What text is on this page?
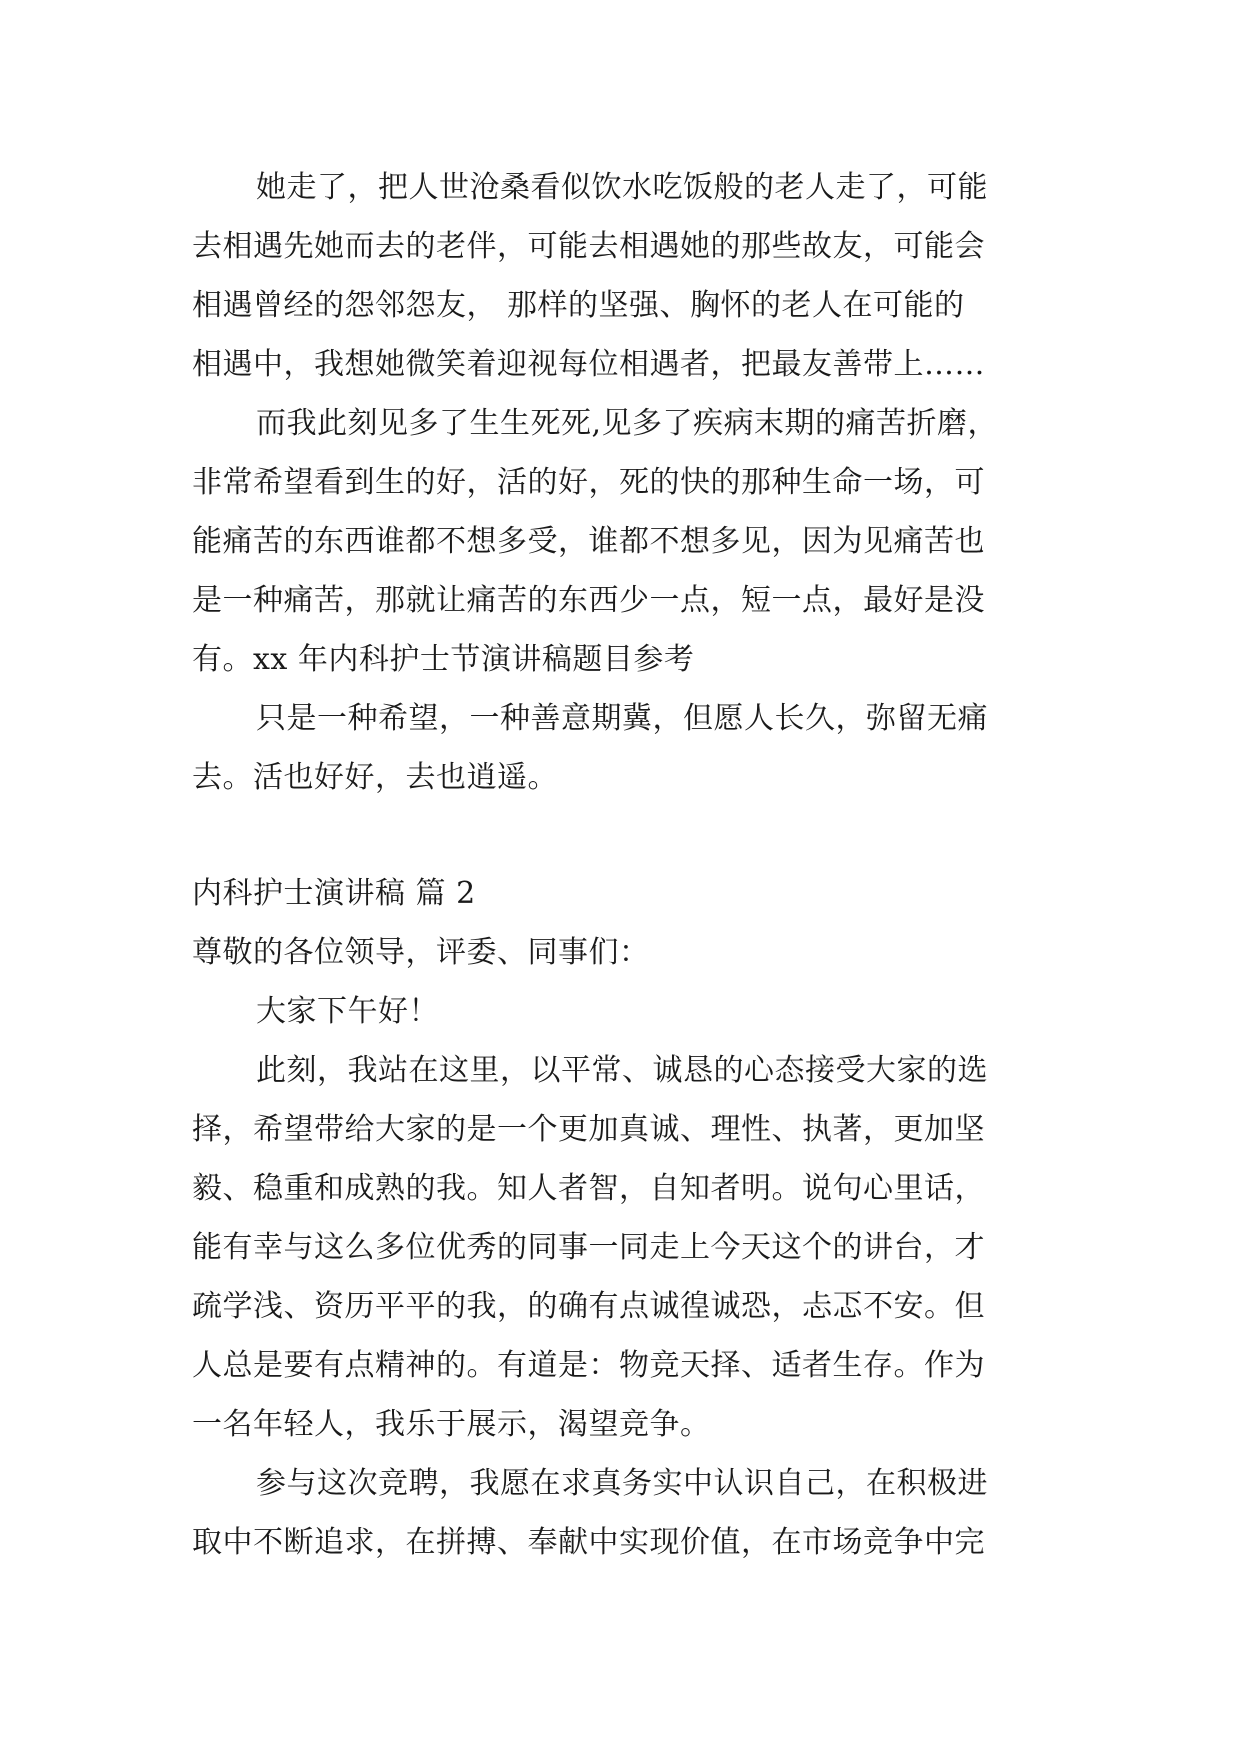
她走了，把人世沧桑看似饮水吃饭般的老人走了，可能
去相遇先她而去的老伴，可能去相遇她的那些故友，可能会
相遇曾经的怨邻怨友， 那样的坚强、胸怀的老人在可能的
相遇中，我想她微笑着迎视每位相遇者，把最友善带上……
而我此刻见多了生生死死,见多了疾病末期的痛苦折磨，
非常希望看到生的好，活的好，死的快的那种生命一场，可
能痛苦的东西谁都不想多受，谁都不想多见，因为见痛苦也
是一种痛苦，那就让痛苦的东西少一点，短一点，最好是没
有。xx 年内科护士节演讲稿题目参考
只是一种希望，一种善意期冀，但愿人长久，弥留无痛
去。活也好好，去也逍遥。
内科护士演讲稿 篇 2
尊敬的各位领导，评委、同事们：
大家下午好！
此刻，我站在这里，以平常、诚恳的心态接受大家的选
择，希望带给大家的是一个更加真诚、理性、执著，更加坚
毅、稳重和成熟的我。知人者智，自知者明。说句心里话，
能有幸与这么多位优秀的同事一同走上今天这个的讲台，才
疏学浅、资历平平的我，的确有点诚徨诚恐，忐忑不安。但
人总是要有点精神的。有道是：物竞天择、适者生存。作为
一名年轻人，我乐于展示，渴望竞争。
参与这次竞聘，我愿在求真务实中认识自己，在积极进
取中不断追求，在拼搏、奉献中实现价值，在市场竞争中完
